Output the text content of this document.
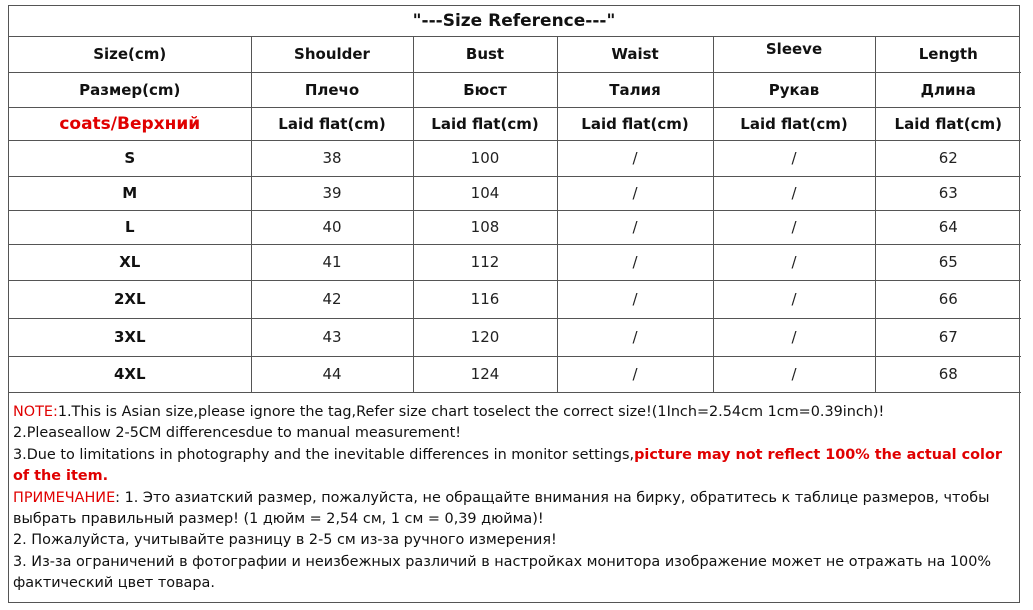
"---Size Reference---"
Size(cm)	Shoulder	Bust	Waist	Sleeve	Length
Размер(cm)	Плечо	Бюст	Талия	Рукав	Длина
coats/Верхний	Laid flat(cm)	Laid flat(cm)	Laid flat(cm)	Laid flat(cm)	Laid flat(cm)
S	38	100	/	/	62
M	39	104	/	/	63
L	40	108	/	/	64
XL	41	112	/	/	65
2XL	42	116	/	/	66
3XL	43	120	/	/	67
4XL	44	124	/	/	68

NOTE:1.This is Asian size,please ignore the tag,Refer size chart toselect the correct size!(1Inch=2.54cm 1cm=0.39inch)!

2.Pleaseallow 2-5CM differencesdue to manual measurement!

3.Due to limitations in photography and the inevitable differences in monitor settings,picture may not reflect 100% the actual color of the item.

ПРИМЕЧАНИЕ: 1. Это азиатский размер, пожалуйста, не обращайте внимания на бирку, обратитесь к таблице размеров, чтобы выбрать правильный размер! (1 дюйм = 2,54 см, 1 см = 0,39 дюйма)!

2. Пожалуйста, учитывайте разницу в 2-5 см из-за ручного измерения!

3. Из-за ограничений в фотографии и неизбежных различий в настройках монитора изображение может не отражать на 100% фактический цвет товара.
